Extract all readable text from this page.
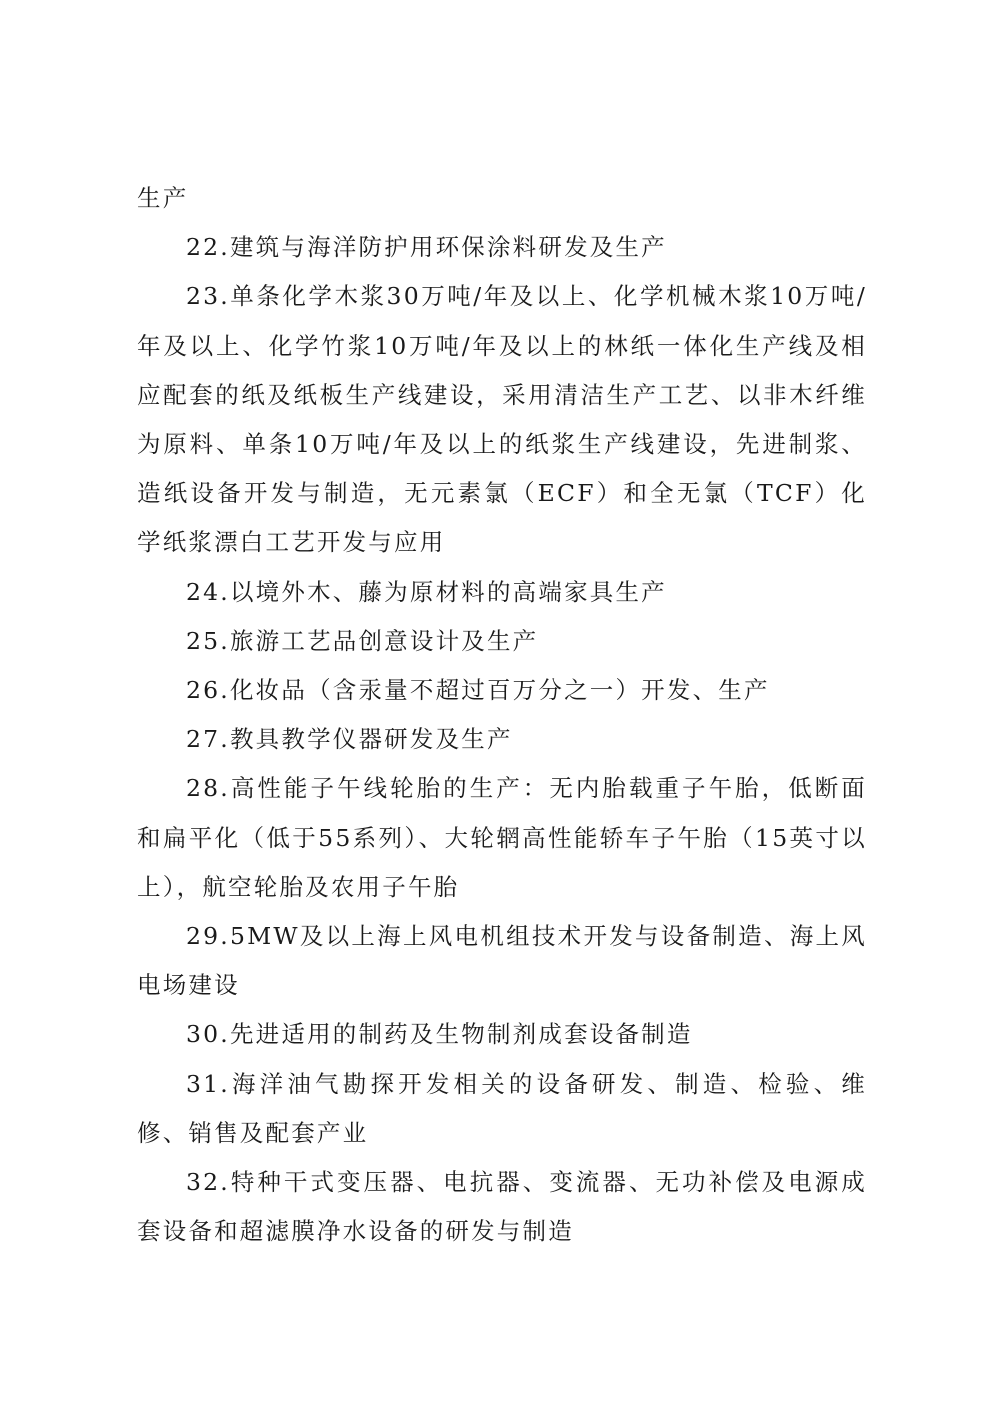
生产

22.建筑与海洋防护用环保涂料研发及生产

23.单条化学木浆30万吨/年及以上、化学机械木浆10万吨/年及以上、化学竹浆10万吨/年及以上的林纸一体化生产线及相应配套的纸及纸板生产线建设，采用清洁生产工艺、以非木纤维为原料、单条10万吨/年及以上的纸浆生产线建设，先进制浆、造纸设备开发与制造，无元素氯（ECF）和全无氯（TCF）化学纸浆漂白工艺开发与应用

24.以境外木、藤为原材料的高端家具生产

25.旅游工艺品创意设计及生产

26.化妆品（含汞量不超过百万分之一）开发、生产

27.教具教学仪器研发及生产

28.高性能子午线轮胎的生产：无内胎载重子午胎，低断面和扁平化（低于55系列）、大轮辋高性能轿车子午胎（15英寸以上），航空轮胎及农用子午胎

29.5MW及以上海上风电机组技术开发与设备制造、海上风电场建设

30.先进适用的制药及生物制剂成套设备制造

31.海洋油气勘探开发相关的设备研发、制造、检验、维修、销售及配套产业

32.特种干式变压器、电抗器、变流器、无功补偿及电源成套设备和超滤膜净水设备的研发与制造
